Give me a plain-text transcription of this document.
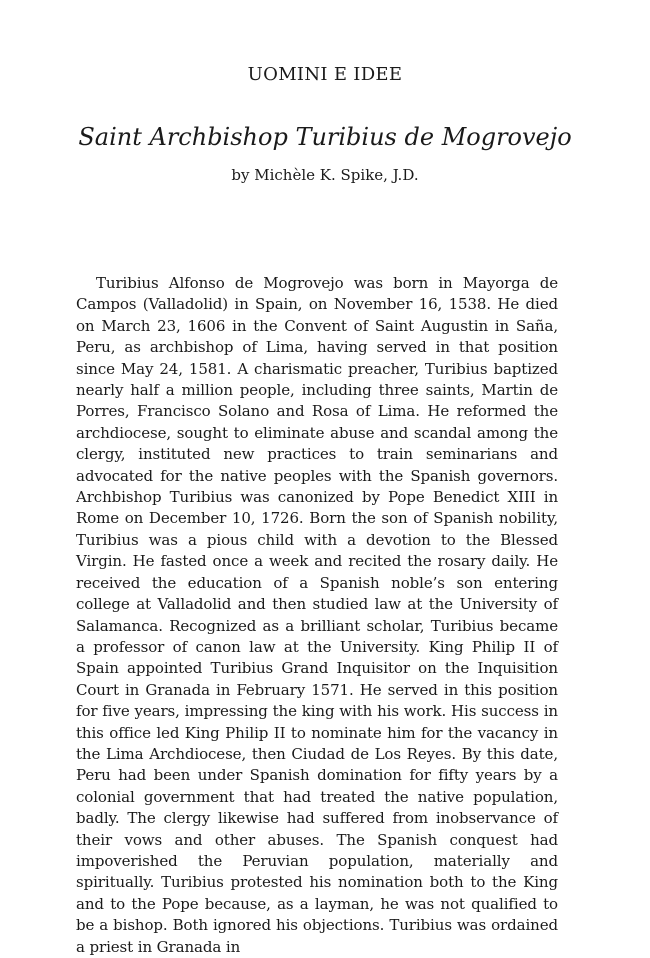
UOMINI E IDEE
Saint Archbishop Turibius de Mogrovejo
by Michèle K. Spike, J.D.

Turibius Alfonso de Mogrovejo was born in Mayorga de Campos (Valladolid) in Spain, on November 16, 1538. He died on March 23, 1606 in the Convent of Saint Augustin in Saña, Peru, as archbishop of Lima, having served in that position since May 24, 1581. A charismatic preacher, Turibius baptized nearly half a million people, including three saints, Martin de Porres, Francisco Solano and Rosa of Lima. He reformed the archdiocese, sought to eliminate abuse and scandal among the clergy, instituted new practices to train seminarians and advocated for the native peoples with the Spanish governors. Archbishop Turibius was canonized by Pope Benedict XIII in Rome on December 10, 1726. Born the son of Spanish nobility, Turibius was a pious child with a devotion to the Blessed Virgin. He fasted once a week and recited the rosary daily. He received the education of a Spanish noble’s son entering college at Valladolid and then studied law at the University of Salamanca. Recognized as a brilliant scholar, Turibius became a professor of canon law at the University. King Philip II of Spain appointed Turibius Grand Inquisitor on the Inquisition Court in Granada in February 1571. He served in this position for five years, impressing the king with his work. His success in this office led King Philip II to nominate him for the vacancy in the Lima Archdiocese, then Ciudad de Los Reyes. By this date, Peru had been under Spanish domination for fifty years by a colonial government that had treated the native population, badly. The clergy likewise had suffered from inobservance of their vows and other abuses. The Spanish conquest had impoverished the Peruvian population, materially and spiritually. Turibius protested his nomination both to the King and to the Pope because, as a layman, he was not qualified to be a bishop. Both ignored his objections. Turibius was ordained a priest in Granada in
